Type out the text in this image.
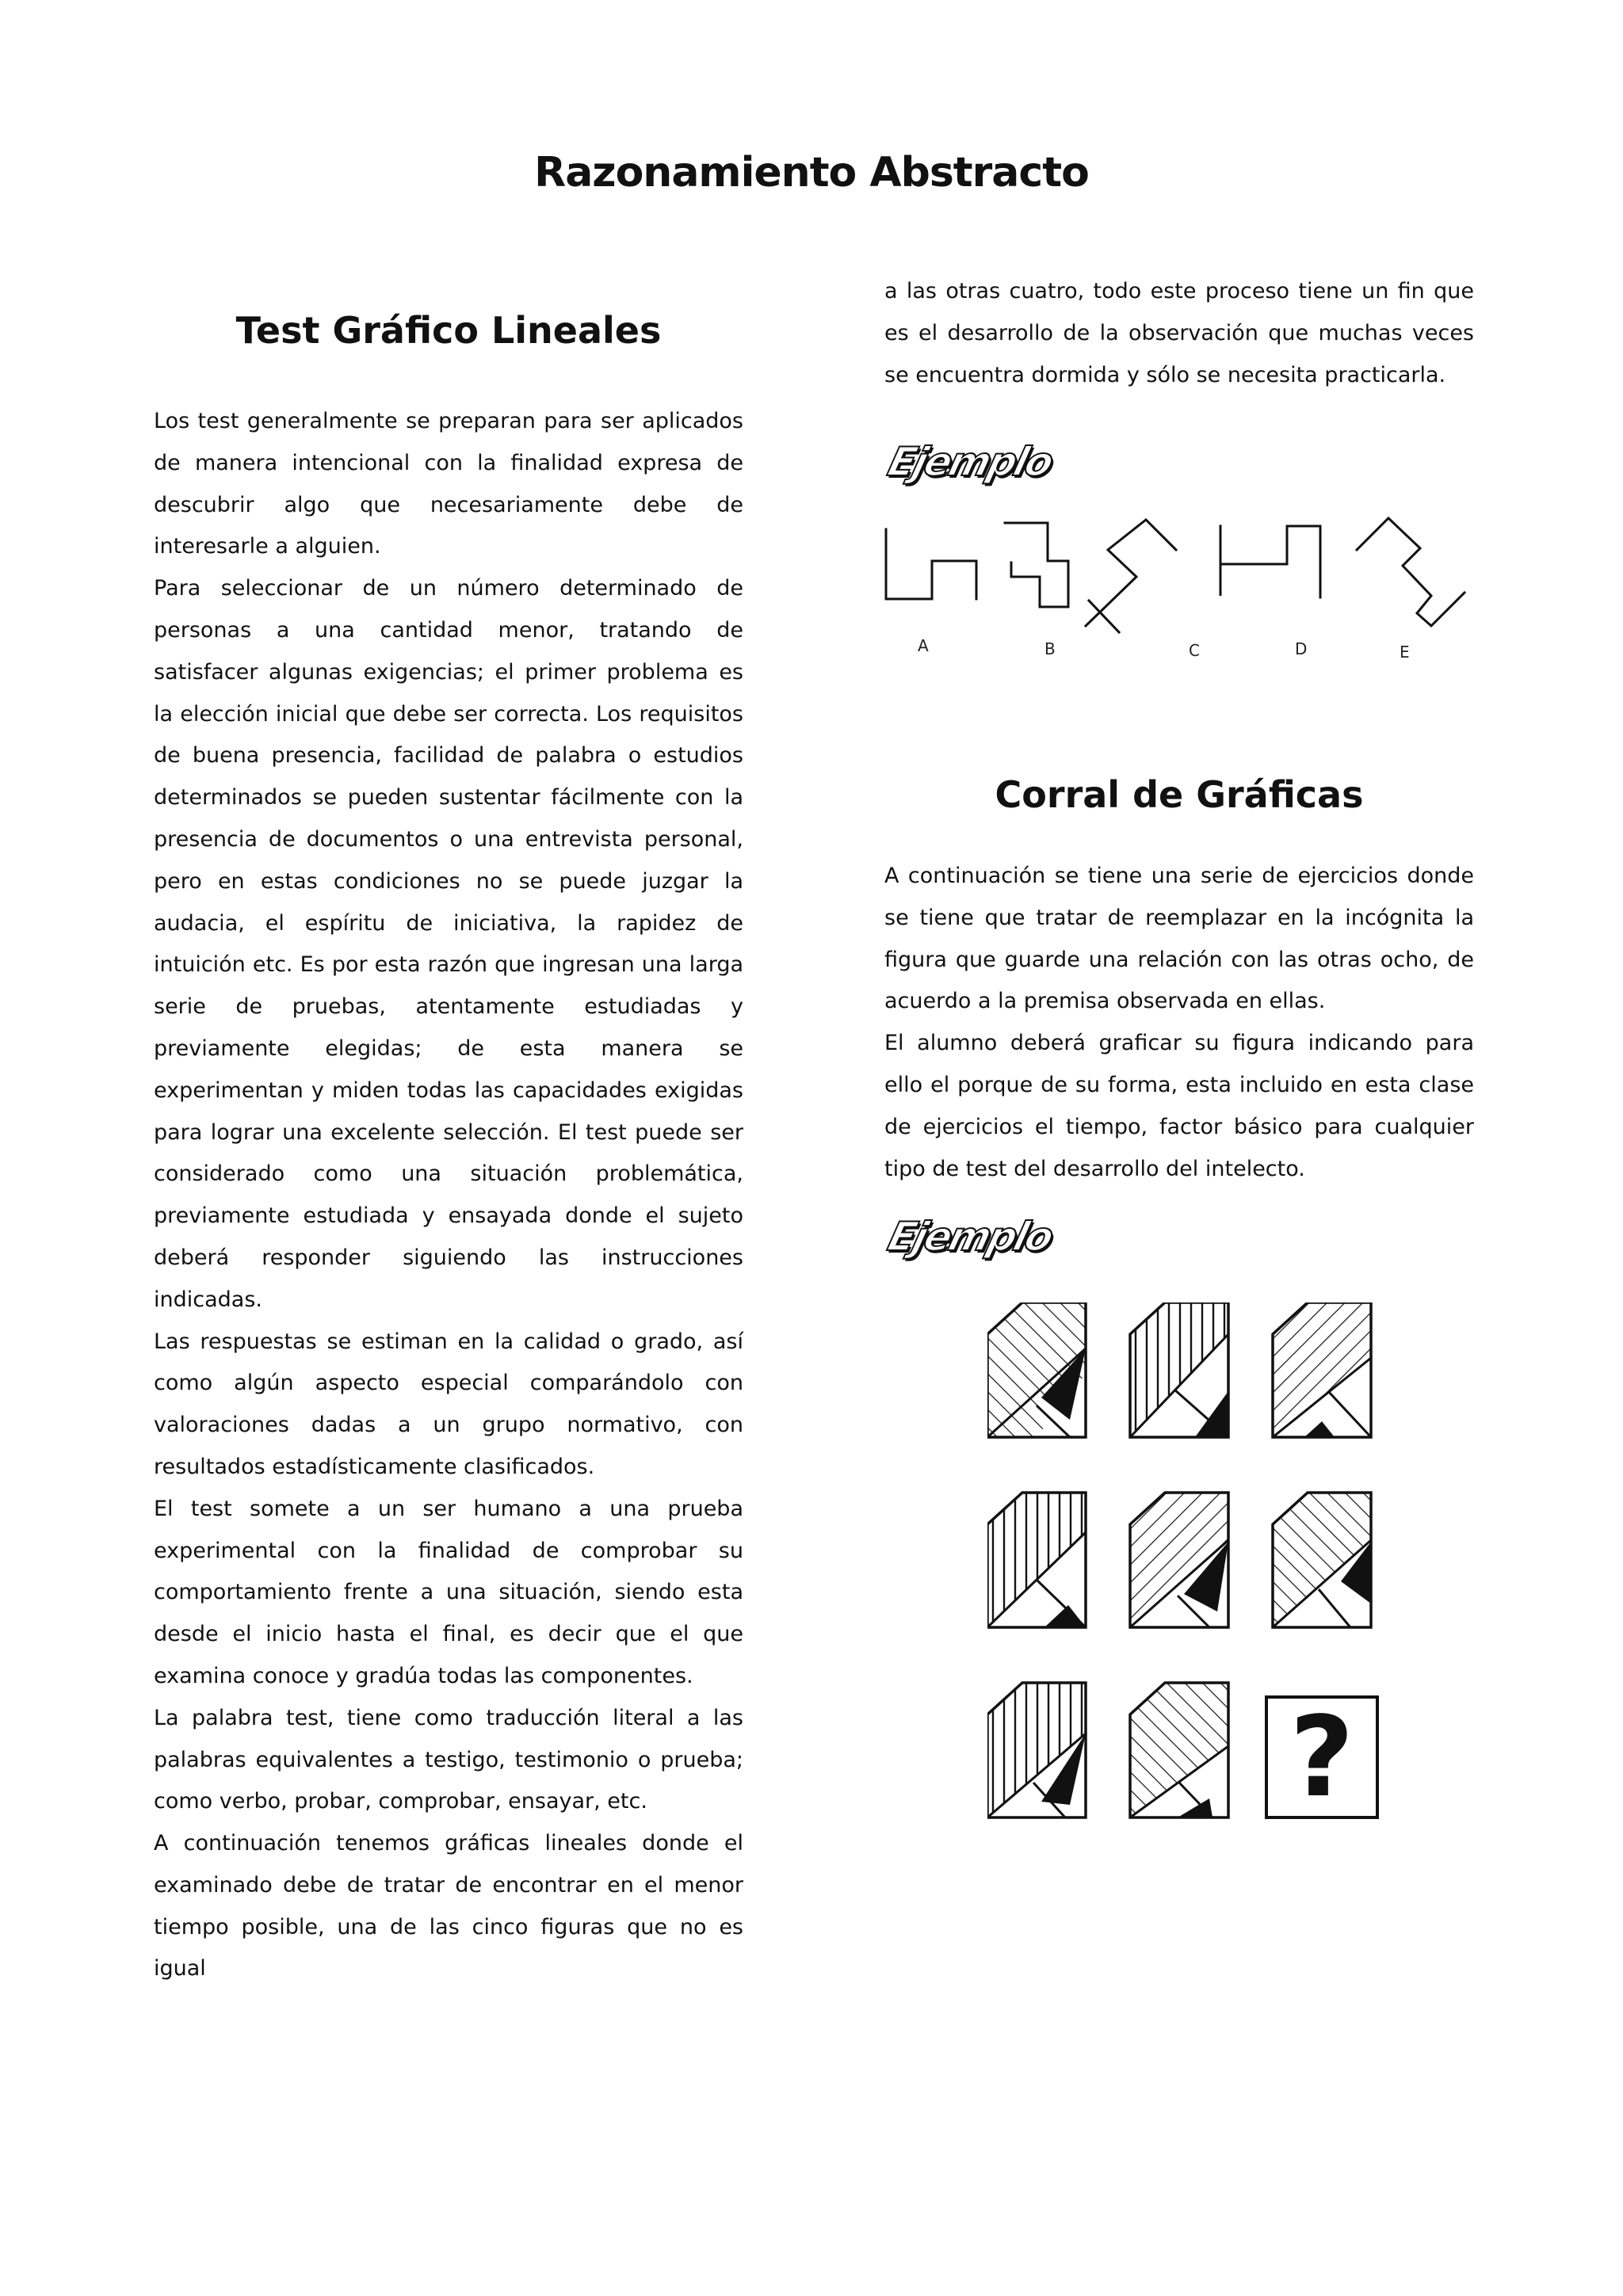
Razonamiento Abstracto
Test Gráfico Lineales

Los test generalmente se preparan para ser aplicados de manera intencional con la finalidad expresa de descubrir algo que necesariamente debe de interesarle a alguien.

Para seleccionar de un número determinado de personas a una cantidad menor, tratando de satisfacer algunas exigencias; el primer problema es la elección inicial que debe ser correcta. Los requisitos de buena presencia, facilidad de palabra o estudios determinados se pueden sustentar fácilmente con la presencia de documentos o una entrevista personal, pero en estas condiciones no se puede juzgar la audacia, el espíritu de iniciativa, la rapidez de intuición etc. Es por esta razón que ingresan una larga serie de pruebas, atentamente estudiadas y previamente elegidas; de esta manera se experimentan y miden todas las capacidades exigidas para lograr una excelente selección. El test puede ser considerado como una situación problemática, previamente estudiada y ensayada donde el sujeto deberá responder siguiendo las instrucciones indicadas.

Las respuestas se estiman en la calidad o grado, así como algún aspecto especial comparándolo con valoraciones dadas a un grupo normativo, con resultados estadísticamente clasificados.

El test somete a un ser humano a una prueba experimental con la finalidad de comprobar su comportamiento frente a una situación, siendo esta desde el inicio hasta el final, es decir que el que examina conoce y gradúa todas las componentes.

La palabra test, tiene como traducción literal a las palabras equivalentes a testigo, testimonio o prueba; como verbo, probar, comprobar, ensayar, etc.

A continuación tenemos gráficas lineales donde el examinado debe de tratar de encontrar en el menor tiempo posible, una de las cinco figuras que no es igual

a las otras cuatro, todo este proceso tiene un fin que es el desarrollo de la observación que muchas veces se encuentra dormida y sólo se necesita practicarla.

Ejemplo
A	B	C	D	E
Corral de Gráficas

A continuación se tiene una serie de ejercicios donde se tiene que tratar de reemplazar en la incógnita la figura que guarde una relación con las otras ocho, de acuerdo a la premisa observada en ellas.

El alumno deberá graficar su figura indicando para ello el porque de su forma, esta incluido en esta clase de ejercicios el tiempo, factor básico para cualquier tipo de test del desarrollo del intelecto.

Ejemplo
?
